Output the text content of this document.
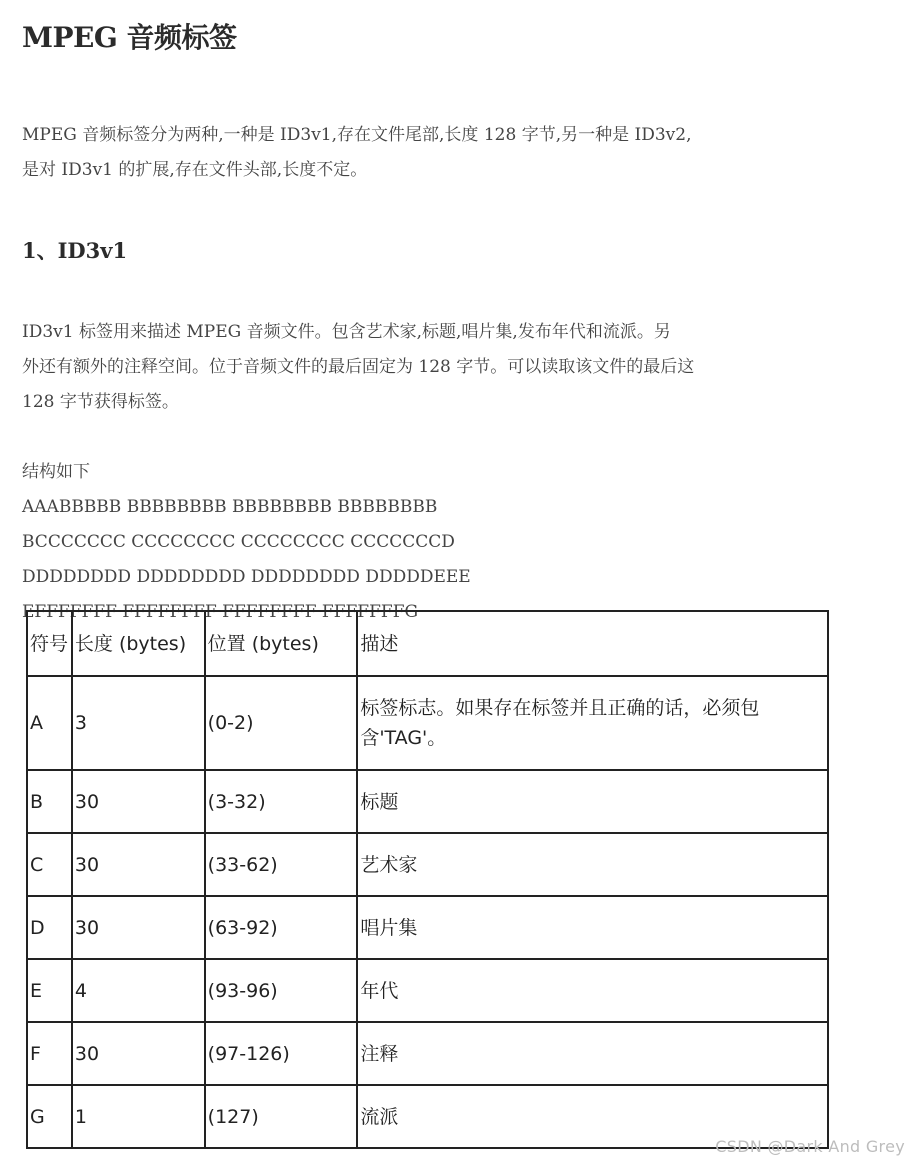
MPEG 音频标签

MPEG 音频标签分为两种,一种是 ID3v1,存在文件尾部,长度 128 字节,另一种是 ID3v2,

是对 ID3v1 的扩展,存在文件头部,长度不定。

1、ID3v1

ID3v1 标签用来描述 MPEG 音频文件。包含艺术家,标题,唱片集,发布年代和流派。另

外还有额外的注释空间。位于音频文件的最后固定为 128 字节。可以读取该文件的最后这

128 字节获得标签。

结构如下
AAABBBBB BBBBBBBB BBBBBBBB BBBBBBBB
BCCCCCCC CCCCCCCC CCCCCCCC CCCCCCCD
DDDDDDDD DDDDDDDD DDDDDDDD DDDDDEEE
EFFFFFFF FFFFFFFF FFFFFFFF FFFFFFFG
符号	长度 (bytes)	位置 (bytes)	描述
A	3	(0-2)	标签标志。如果存在标签并且正确的话，必须包含'TAG'。
B	30	(3-32)	标题
C	30	(33-62)	艺术家
D	30	(63-92)	唱片集
E	4	(93-96)	年代
F	30	(97-126)	注释
G	1	(127)	流派
CSDN @Dark And Grey
